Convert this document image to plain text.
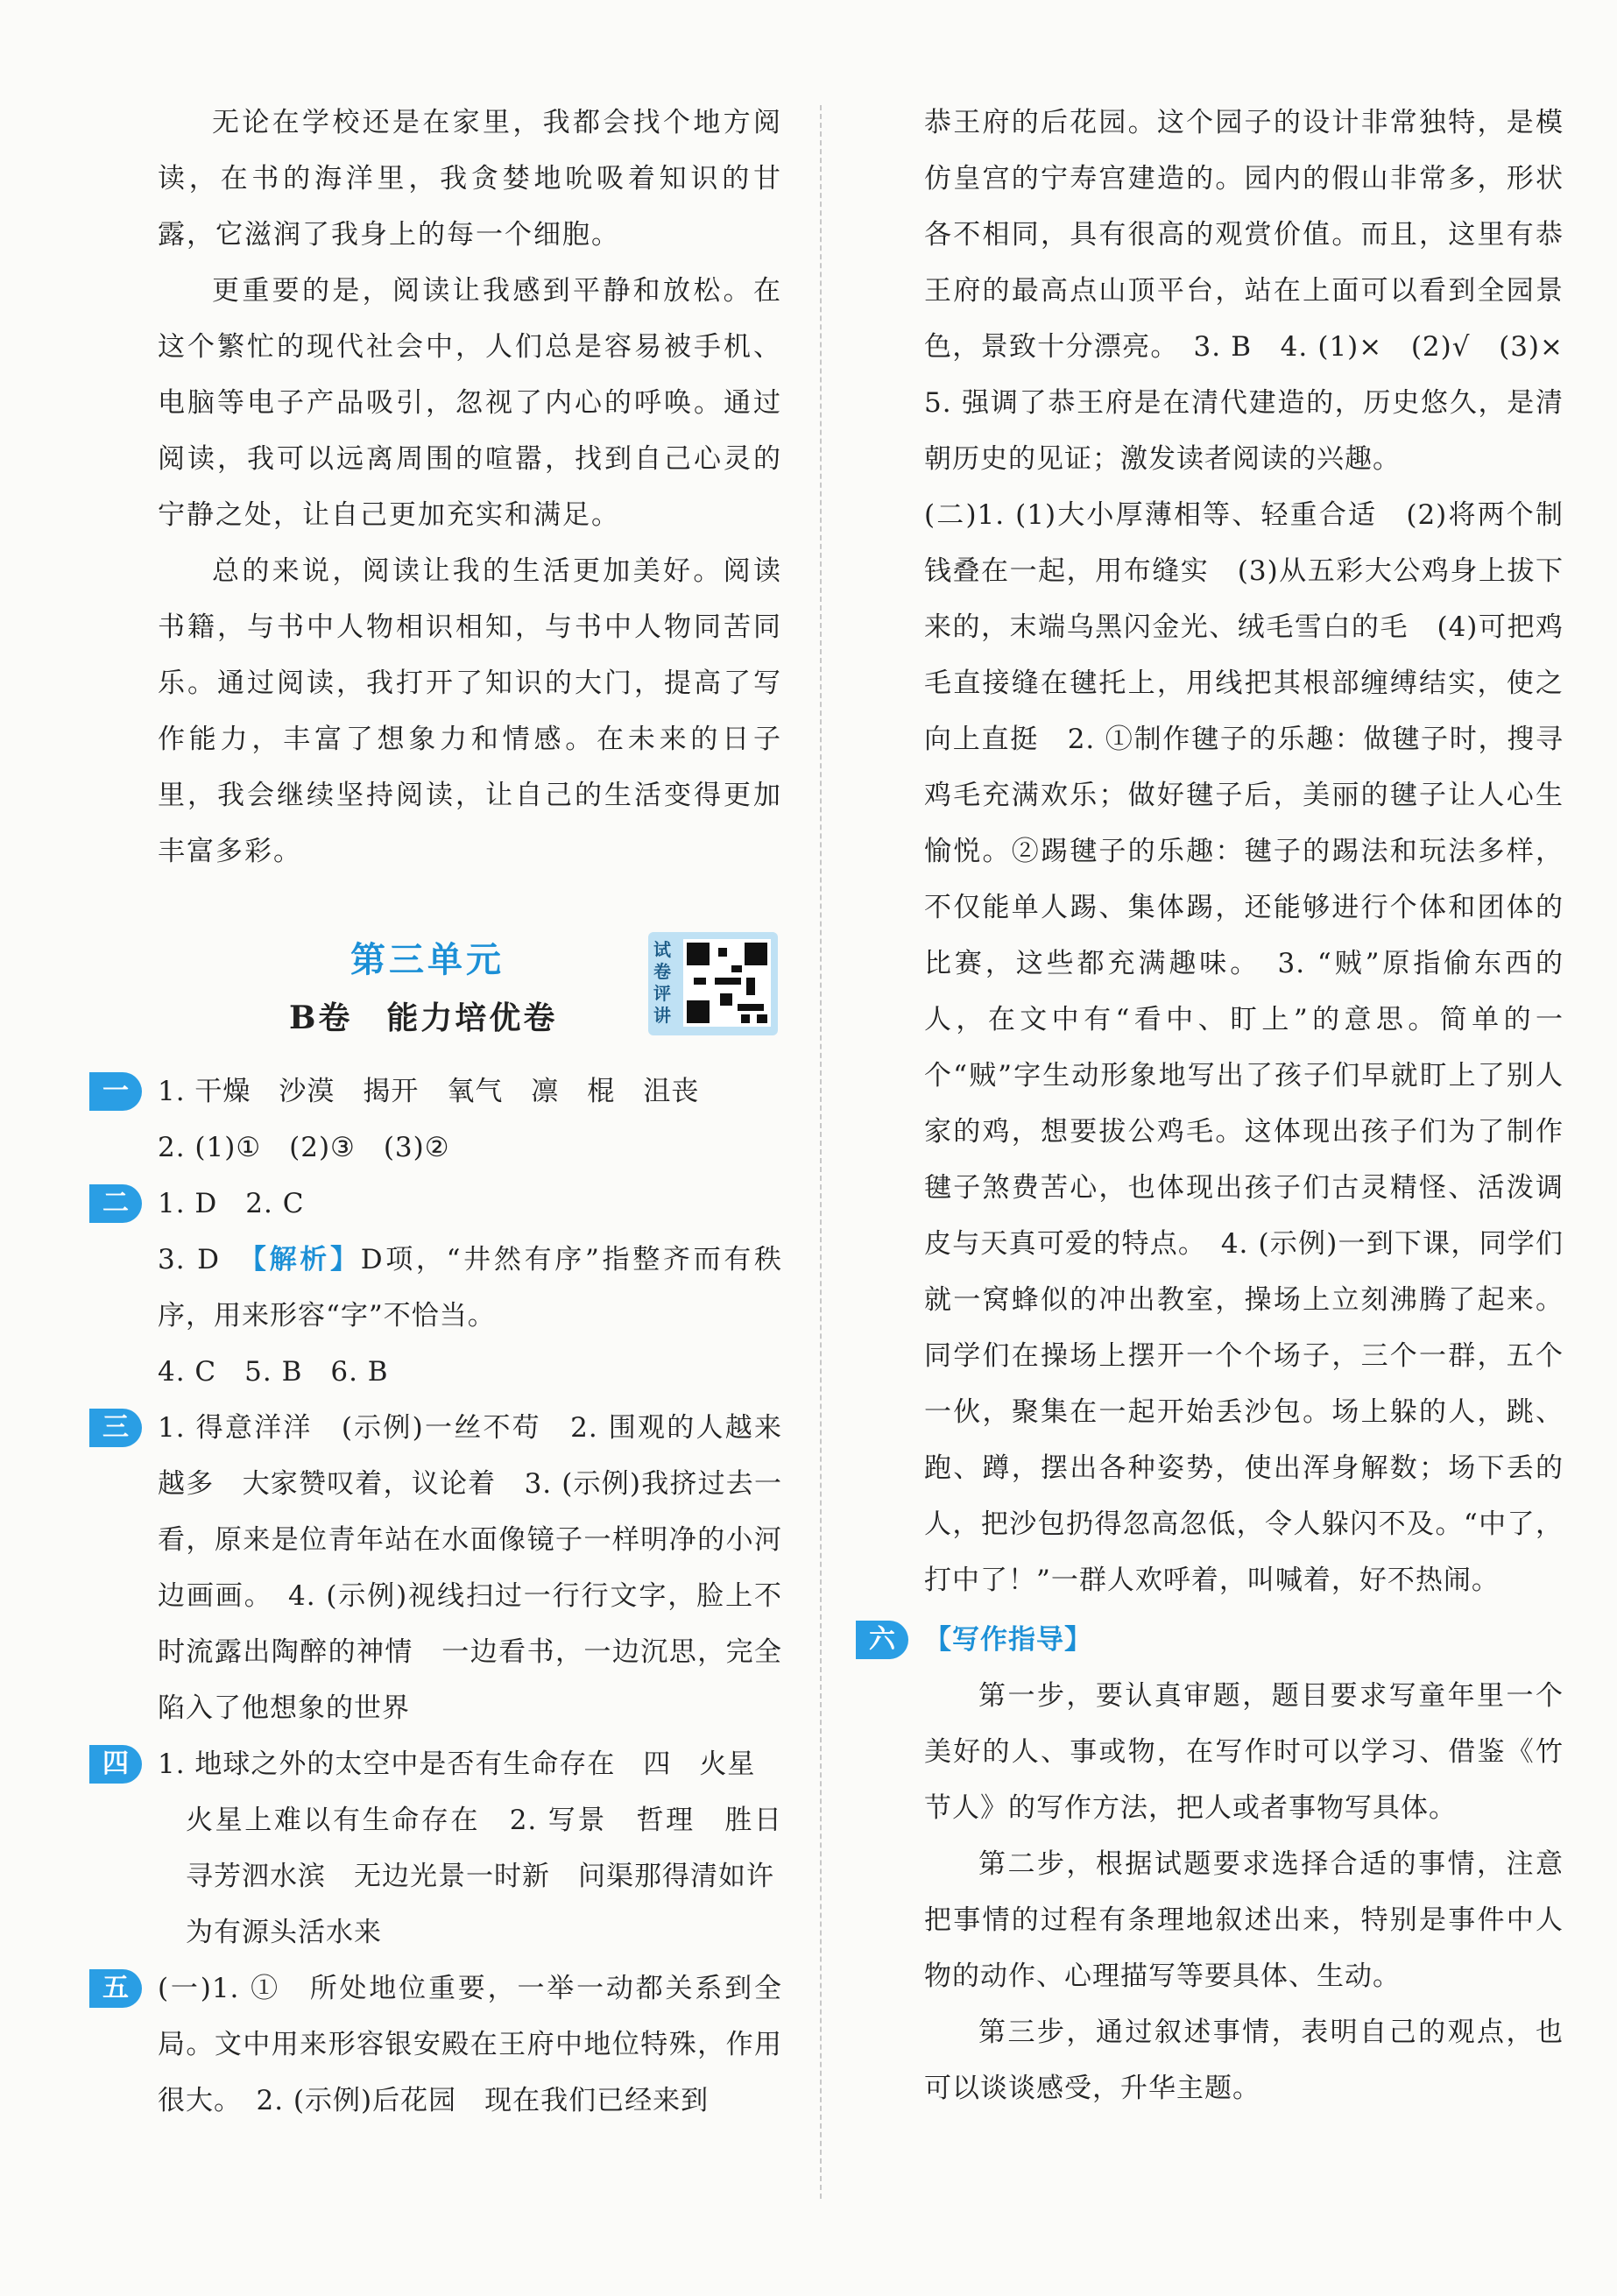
无论在学校还是在家里，我都会找个地方阅读，在书的海洋里，我贪婪地吮吸着知识的甘露，它滋润了我身上的每一个细胞。

更重要的是，阅读让我感到平静和放松。在这个繁忙的现代社会中，人们总是容易被手机、电脑等电子产品吸引，忽视了内心的呼唤。通过阅读，我可以远离周围的喧嚣，找到自己心灵的宁静之处，让自己更加充实和满足。

总的来说，阅读让我的生活更加美好。阅读书籍，与书中人物相识相知，与书中人物同苦同乐。通过阅读，我打开了知识的大门，提高了写作能力，丰富了想象力和情感。在未来的日子里，我会继续坚持阅读，让自己的生活变得更加丰富多彩。

第三单元
B卷　能力培优卷
试卷评讲
一	1. 干燥　沙漠　揭开　氧气　凛　棍　沮丧

2. (1)①　(2)③　(3)②

二	1. D　2. C

3. D　【解析】D项，“井然有序”指整齐而有秩序，用来形容“字”不恰当。

4. C　5. B　6. B

三	1. 得意洋洋　(示例)一丝不苟　2. 围观的人越来越多　大家赞叹着，议论着　3. (示例)我挤过去一看，原来是位青年站在水面像镜子一样明净的小河边画画。　4. (示例)视线扫过一行行文字，脸上不时流露出陶醉的神情　一边看书，一边沉思，完全陷入了他想象的世界

四	1. 地球之外的太空中是否有生命存在　四　火星

火星上难以有生命存在　2. 写景　哲理　胜日寻芳泗水滨　无边光景一时新　问渠那得清如许

为有源头活水来

五	(一)1. ①　所处地位重要，一举一动都关系到全局。文中用来形容银安殿在王府中地位特殊，作用很大。　2. (示例)后花园　现在我们已经来到

恭王府的后花园。这个园子的设计非常独特，是模仿皇宫的宁寿宫建造的。园内的假山非常多，形状各不相同，具有很高的观赏价值。而且，这里有恭王府的最高点山顶平台，站在上面可以看到全园景色，景致十分漂亮。　3. B　4. (1)×　(2)√　(3)×　5. 强调了恭王府是在清代建造的，历史悠久，是清朝历史的见证；激发读者阅读的兴趣。

(二)1. (1)大小厚薄相等、轻重合适　(2)将两个制钱叠在一起，用布缝实　(3)从五彩大公鸡身上拔下来的，末端乌黑闪金光、绒毛雪白的毛　(4)可把鸡毛直接缝在毽托上，用线把其根部缠缚结实，使之向上直挺　2. ①制作毽子的乐趣：做毽子时，搜寻鸡毛充满欢乐；做好毽子后，美丽的毽子让人心生愉悦。②踢毽子的乐趣：毽子的踢法和玩法多样，不仅能单人踢、集体踢，还能够进行个体和团体的比赛，这些都充满趣味。　3. “贼”原指偷东西的人，在文中有“看中、盯上”的意思。简单的一个“贼”字生动形象地写出了孩子们早就盯上了别人家的鸡，想要拔公鸡毛。这体现出孩子们为了制作毽子煞费苦心，也体现出孩子们古灵精怪、活泼调皮与天真可爱的特点。　4. (示例)一到下课，同学们就一窝蜂似的冲出教室，操场上立刻沸腾了起来。同学们在操场上摆开一个个场子，三个一群，五个一伙，聚集在一起开始丢沙包。场上躲的人，跳、跑、蹲，摆出各种姿势，使出浑身解数；场下丢的人，把沙包扔得忽高忽低，令人躲闪不及。“中了，打中了！”一群人欢呼着，叫喊着，好不热闹。

六	【写作指导】

第一步，要认真审题，题目要求写童年里一个美好的人、事或物，在写作时可以学习、借鉴《竹节人》的写作方法，把人或者事物写具体。

第二步，根据试题要求选择合适的事情，注意把事情的过程有条理地叙述出来，特别是事件中人物的动作、心理描写等要具体、生动。

第三步，通过叙述事情，表明自己的观点，也可以谈谈感受，升华主题。
